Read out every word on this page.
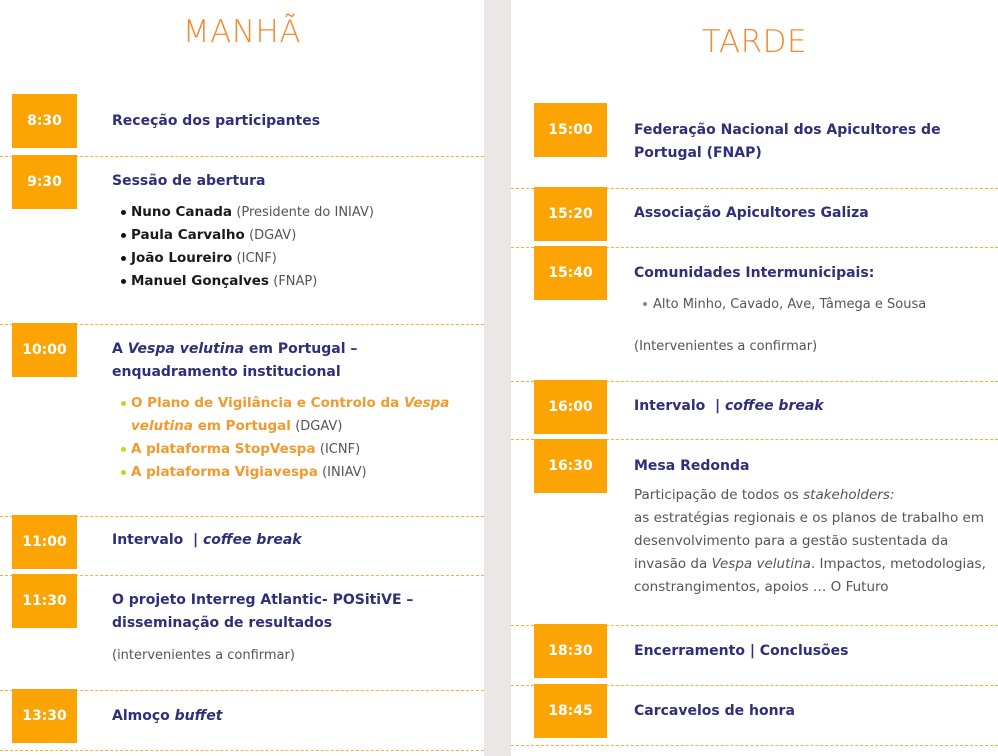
MANHÃ
8:30	Receção dos participantes
9:30	Sessão de abertura
Nuno Canada (Presidente do INIAV)
Paula Carvalho (DGAV)
João Loureiro (ICNF)
Manuel Gonçalves (FNAP)
10:00	A Vespa velutina em Portugal – enquadramento institucional
O Plano de Vigilância e Controlo da Vespa velutina em Portugal (DGAV)
A plataforma StopVespa (ICNF)
A plataforma Vigiavespa (INIAV)
11:00	Intervalo  | coffee break
11:30	O projeto Interreg Atlantic- POSitiVE – disseminação de resultados
(intervenientes a confirmar)
13:30	Almoço buffet
TARDE
15:00	Federação Nacional dos Apicultores de Portugal (FNAP)
15:20	Associação Apicultores Galiza
15:40	Comunidades Intermunicipais:
Alto Minho, Cavado, Ave, Tâmega e Sousa
(Intervenientes a confirmar)
16:00	Intervalo  | coffee break
16:30	Mesa Redonda
Participação de todos os stakeholders:
as estratégias regionais e os planos de trabalho em desenvolvimento para a gestão sustentada da invasão da Vespa velutina. Impactos, metodologias, constrangimentos, apoios … O Futuro
18:30	Encerramento | Conclusões
18:45	Carcavelos de honra
